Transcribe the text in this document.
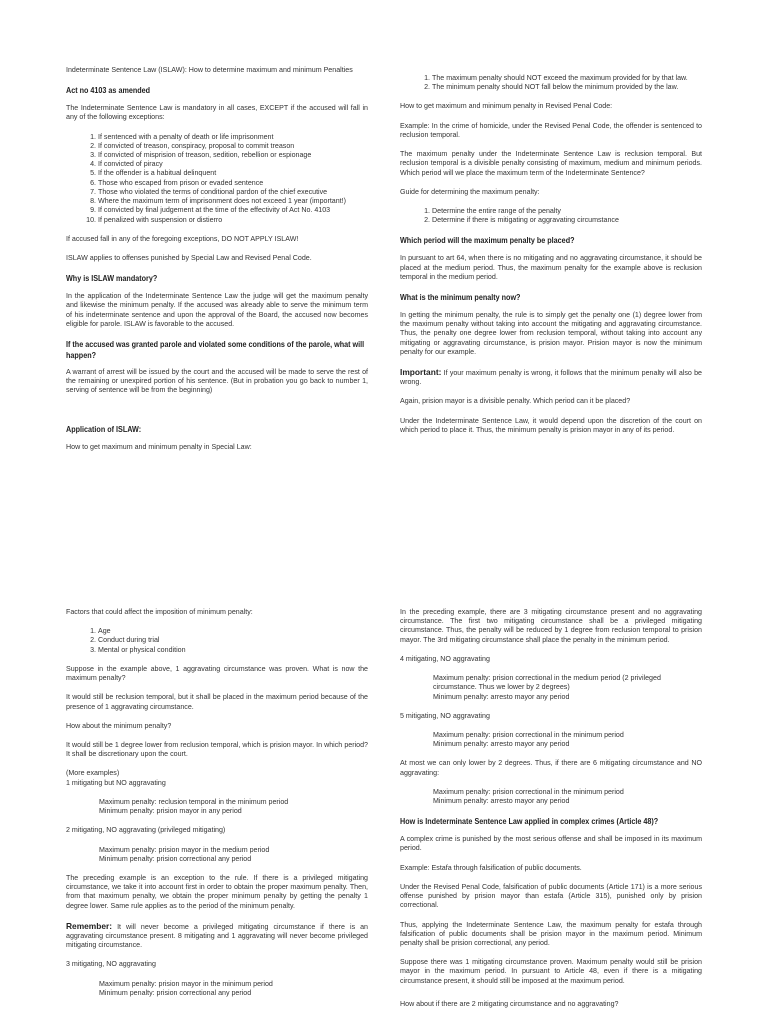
Indeterminate Sentence Law (ISLAW): How to determine maximum and minimum Penalties

Act no 4103 as amended

The Indeterminate Sentence Law is mandatory in all cases, EXCEPT if the accused will fall in any of the following exceptions:

1. If sentenced with a penalty of death or life imprisonment
2. If convicted of treason, conspiracy, proposal to commit treason
3. If convicted of misprision of treason, sedition, rebellion or espionage
4. If convicted of piracy
5. If the offender is a habitual delinquent
6. Those who escaped from prison or evaded sentence
7. Those who violated the terms of conditional pardon of the chief executive
8. Where the maximum term of imprisonment does not exceed 1 year (important!)
9. If convicted by final judgement at the time of the effectivity of Act No. 4103
10. If penalized with suspension or distierro

If accused fall in any of the foregoing exceptions, DO NOT APPLY ISLAW!

ISLAW applies to offenses punished by Special Law and Revised Penal Code.

Why is ISLAW mandatory?

In the application of the Indeterminate Sentence Law the judge will get the maximum penalty and likewise the minimum penalty. If the accused was already able to serve the minimum term of his indeterminate sentence and upon the approval of the Board, the accused now becomes eligible for parole. ISLAW is favorable to the accused.

If the accused was granted parole and violated some conditions of the parole, what will happen?

A warrant of arrest will be issued by the court and the accused will be made to serve the rest of the remaining or unexpired portion of his sentence. (But in probation you go back to number 1, serving of sentence will be from the beginning)

Application of ISLAW:

How to get maximum and minimum penalty in Special Law:

1. The maximum penalty should NOT exceed the maximum provided for by that law.
2. The minimum penalty should NOT fall below the minimum provided by the law.

How to get maximum and minimum penalty in Revised Penal Code:

Example: In the crime of homicide, under the Revised Penal Code, the offender is sentenced to reclusion temporal.

The maximum penalty under the Indeterminate Sentence Law is reclusion temporal. But reclusion temporal is a divisible penalty consisting of maximum, medium and minimum periods. Which period will we place the maximum term of the Indeterminate Sentence?

Guide for determining the maximum penalty:

1. Determine the entire range of the penalty
2. Determine if there is mitigating or aggravating circumstance
Which period will the maximum penalty be placed?

In pursuant to art 64, when there is no mitigating and no aggravating circumstance, it should be placed at the medium period. Thus, the maximum penalty for the example above is reclusion temporal in the medium period.

What is the minimum penalty now?

In getting the minimum penalty, the rule is to simply get the penalty one (1) degree lower from the maximum penalty without taking into account the mitigating and aggravating circumstance. Thus, the penalty one degree lower from reclusion temporal, without taking into account any mitigating or aggravating circumstance, is prision mayor. Prision mayor is now the minimum penalty for our example.

Important: If your maximum penalty is wrong, it follows that the minimum penalty will also be wrong.

Again, prision mayor is a divisible penalty. Which period can it be placed?

Under the Indeterminate Sentence Law, it would depend upon the discretion of the court on which period to place it. Thus, the minimum penalty is prision mayor in any of its period.

Factors that could affect the imposition of minimum penalty:

1. Age
2. Conduct during trial
3. Mental or physical condition

Suppose in the example above, 1 aggravating circumstance was proven. What is now the maximum penalty?

It would still be reclusion temporal, but it shall be placed in the maximum period because of the presence of 1 aggravating circumstance.

How about the minimum penalty?

It would still be 1 degree lower from reclusion temporal, which is prision mayor. In which period? It shall be discretionary upon the court.

(More examples)
1 mitigating but NO aggravating
Maximum penalty: reclusion temporal in the minimum period
Minimum penalty: prision mayor in any period

2 mitigating, NO aggravating (privileged mitigating)

Maximum penalty: prision mayor in the medium period
Minimum penalty: prision correctional any period

The preceding example is an exception to the rule. If there is a privileged mitigating circumstance, we take it into account first in order to obtain the proper maximum penalty. Then, from that maximum penalty, we obtain the proper minimum penalty by getting the penalty 1 degree lower. Same rule applies as to the period of the minimum penalty.

Remember: It will never become a privileged mitigating circumstance if there is an aggravating circumstance present. 8 mitigating and 1 aggravating will never become privileged mitigating circumstance.

3 mitigating, NO aggravating

Maximum penalty: prision mayor in the minimum period
Minimum penalty: prision correctional any period

In the preceding example, there are 3 mitigating circumstance present and no aggravating circumstance. The first two mitigating circumstance shall be a privileged mitigating circumstance. Thus, the penalty will be reduced by 1 degree from reclusion temporal to prision mayor. The 3rd mitigating circumstance shall place the penalty in the minimum period.

4 mitigating, NO aggravating

Maximum penalty: prision correctional in the medium period (2 privileged circumstance. Thus we lower by 2 degrees)
Minimum penalty: arresto mayor any period

5 mitigating, NO aggravating

Maximum penalty: prision correctional in the minimum period
Minimum penalty: arresto mayor any period

At most we can only lower by 2 degrees. Thus, if there are 6 mitigating circumstance and NO aggravating:

Maximum penalty: prision correctional in the minimum period
Minimum penalty: arresto mayor any period
How is Indeterminate Sentence Law applied in complex crimes (Article 48)?

A complex crime is punished by the most serious offense and shall be imposed in its maximum period.

Example: Estafa through falsification of public documents.

Under the Revised Penal Code, falsification of public documents (Article 171) is a more serious offense punished by prision mayor than estafa (Article 315), punished only by prision correctional.

Thus, applying the Indeterminate Sentence Law, the maximum penalty for estafa through falsification of public documents shall be prision mayor in the maximum period. Minimum penalty shall be prision correctional, any period.

Suppose there was 1 mitigating circumstance proven. Maximum penalty would still be prision mayor in the maximum period. In pursuant to Article 48, even if there is a mitigating circumstance present, it should still be imposed at the maximum period.

How about if there are 2 mitigating circumstance and no aggravating?
